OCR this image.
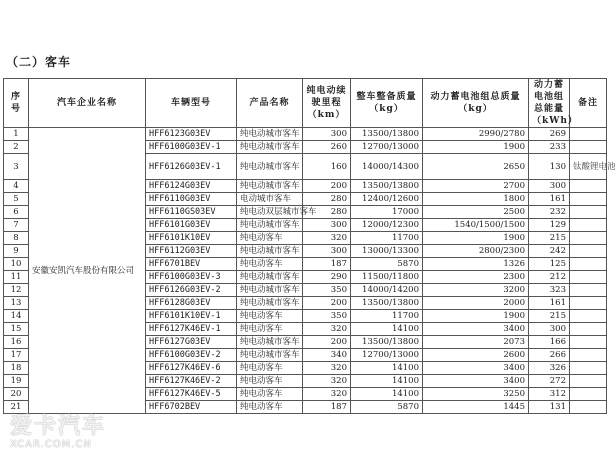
（二）客车
序号	汽车企业名称	车辆型号	产品名称	纯电动续驶里程（km）	整车整备质量（kg）	动力蓄电池组总质量（kg）	动力蓄电池组总能量（kWh）	备注
1	安徽安凯汽车股份有限公司	HFF6123G03EV	纯电动城市客车	300	13500/13800	2990/2780	269	
2		HFF6100G03EV-1	纯电动城市客车	260	12700/13000	1900	233	
3		HFF6126G03EV-1	纯电动城市客车	160	14000/14300	2650	130	钛酸锂电池
4		HFF6124G03EV	纯电动城市客车	200	13500/13800	2700	300	
5		HFF6110G03EV	电动城市客车	280	12400/12600	1800	161	
6		HFF6110GS03EV	纯电动双层城市客车	280	17000	2500	232	
7		HFF6101G03EV	纯电动城市客车	300	12000/12300	1540/1500/1500	129	
8		HFF6101K10EV	纯电动客车	320	11700	1900	215	
9		HFF6112G03EV	纯电动城市客车	300	13000/13300	2800/2300	242	
10		HFF6701BEV	纯电动客车	187	5870	1326	125	
11		HFF6100G03EV-3	纯电动城市客车	290	11500/11800	2300	212	
12		HFF6126G03EV-2	纯电动城市客车	350	14000/14200	3200	323	
13		HFF6128G03EV	纯电动城市客车	200	13500/13800	2000	161	
14		HFF6101K10EV-1	纯电动客车	350	11700	1900	215	
15		HFF6127K46EV-1	纯电动客车	320	14100	3400	300	
16		HFF6127G03EV	纯电动城市客车	200	13500/13800	2073	166	
17		HFF6100G03EV-2	纯电动城市客车	340	12700/13000	2600	266	
18		HFF6127K46EV-6	纯电动客车	320	14100	3400	326	
19		HFF6127K46EV-2	纯电动客车	320	14100	3400	272	
20		HFF6127K46EV-5	纯电动客车	320	14100	3250	312	
21		HFF6702BEV	纯电动客车	187	5870	1445	131	
爱卡汽车
XCAR.COM.CN
